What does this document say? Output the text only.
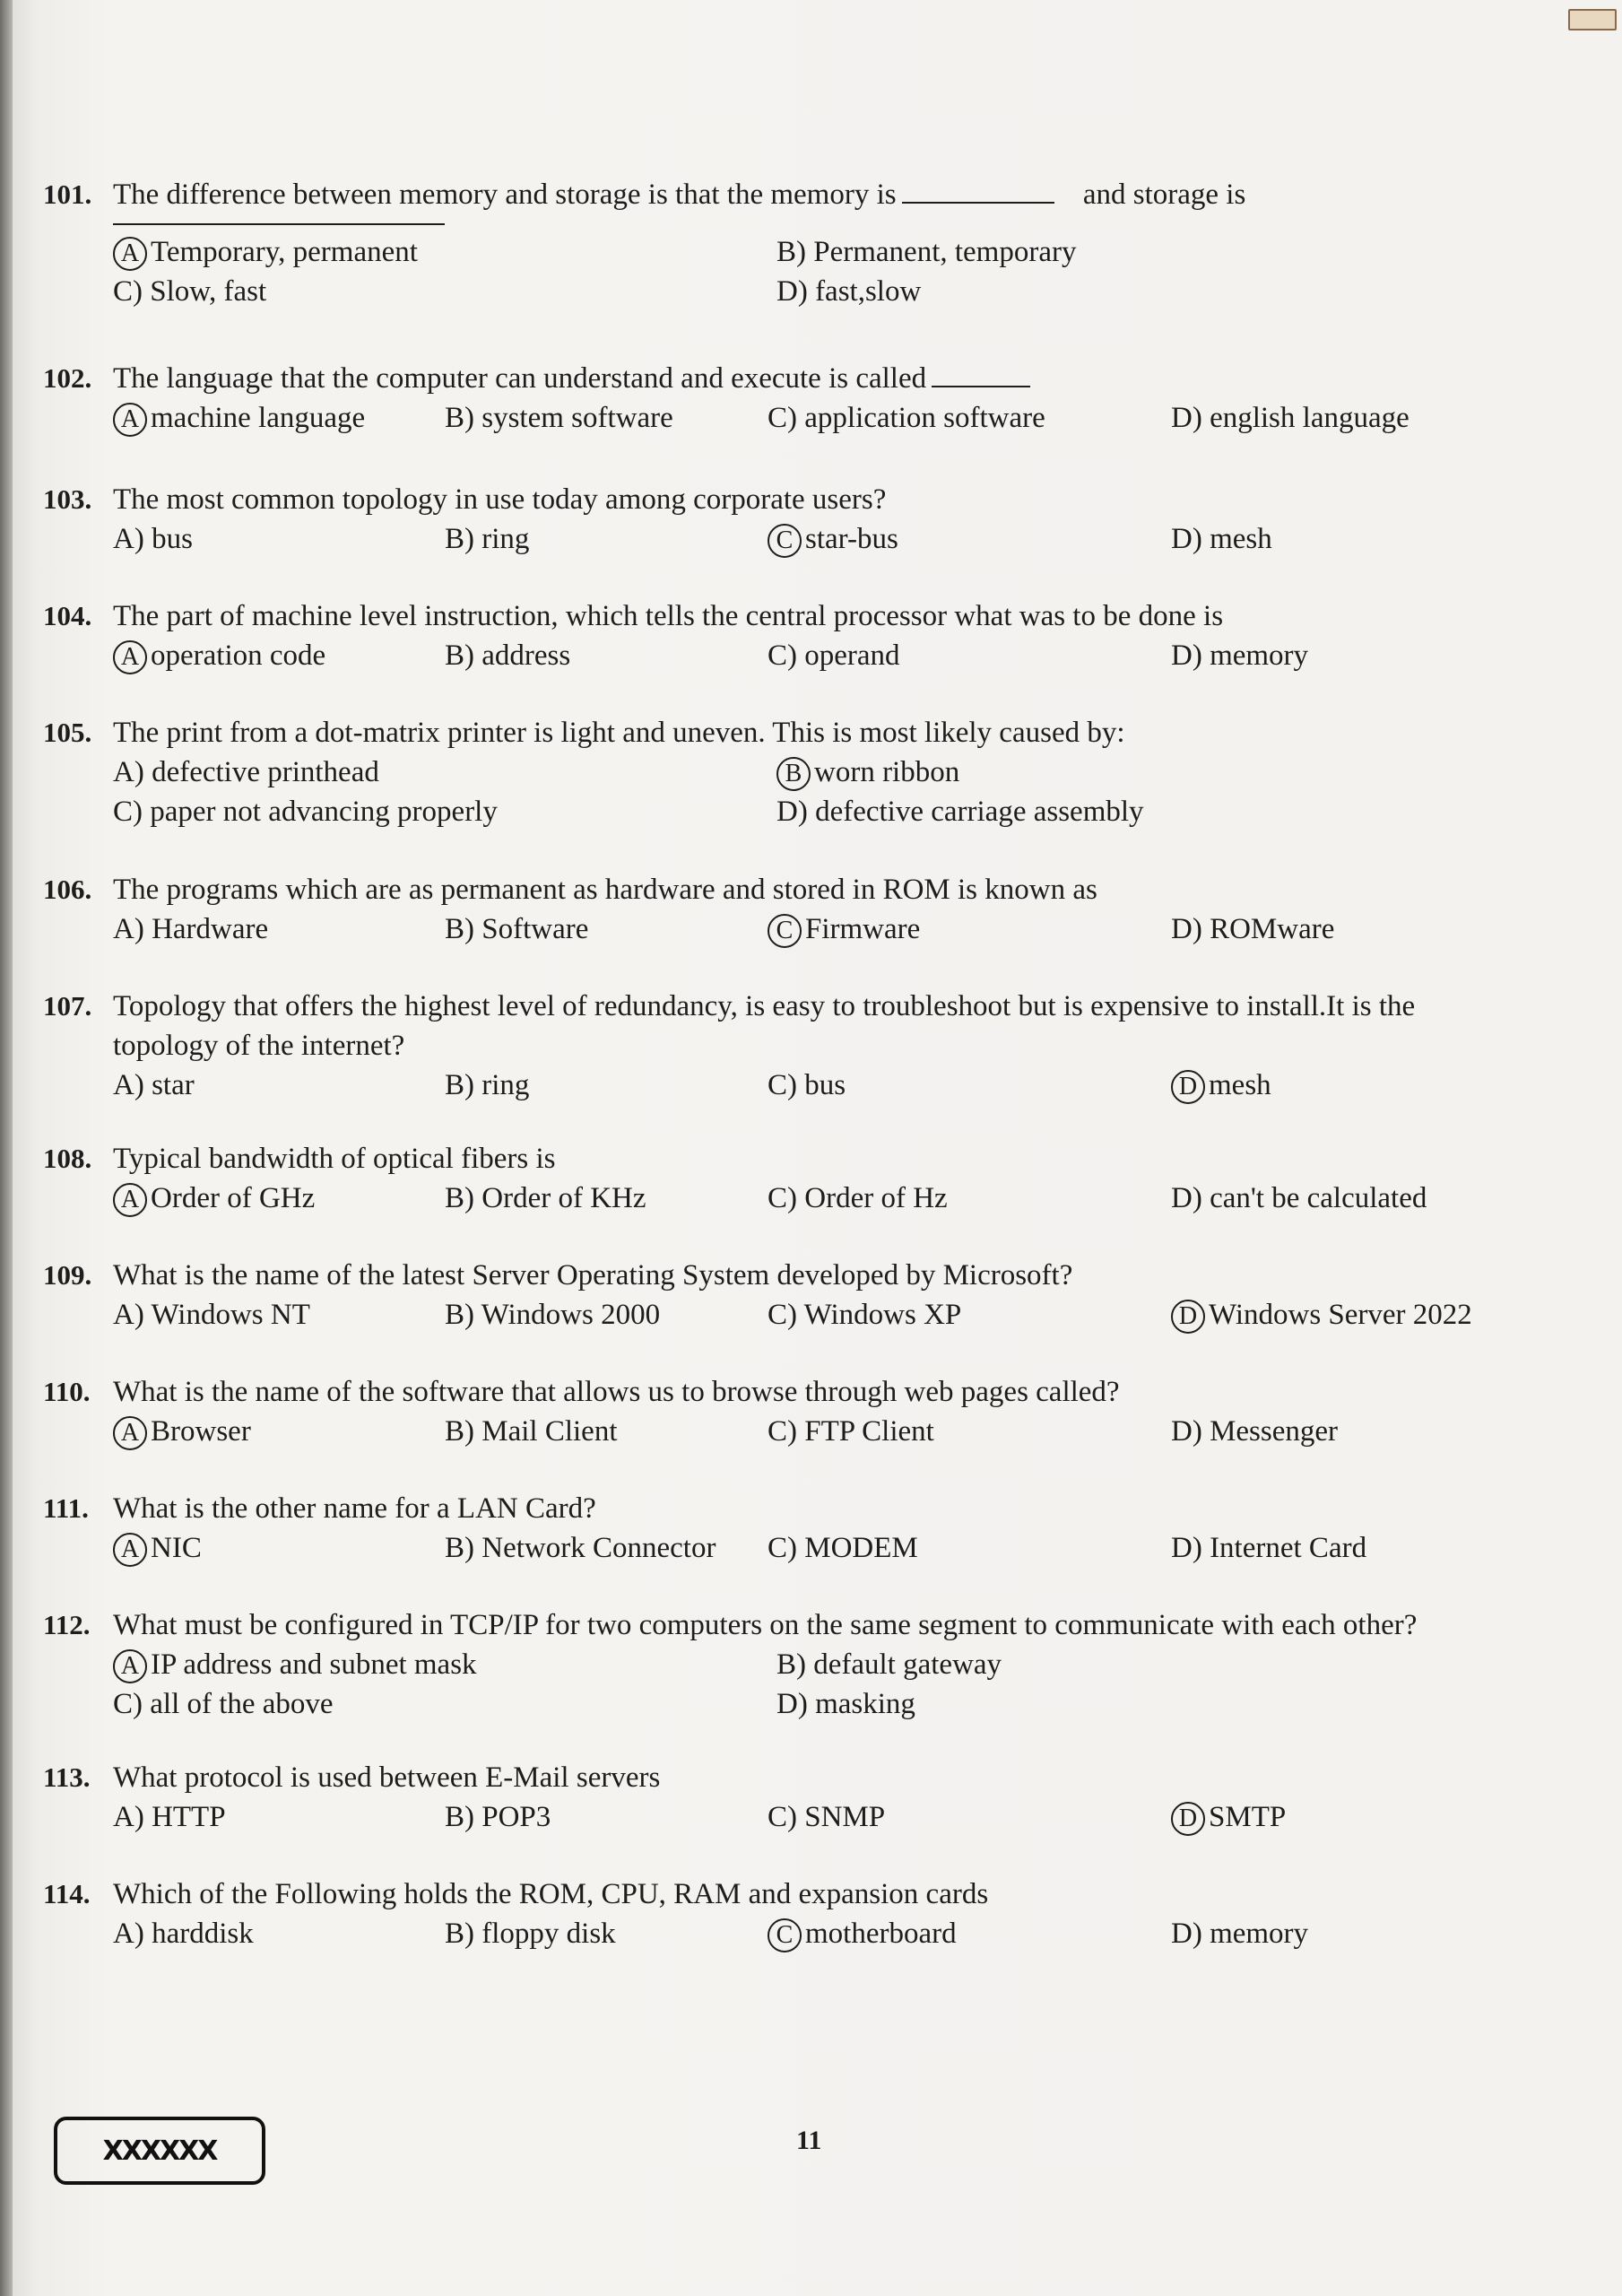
101. The difference between memory and storage is that the memory is	and storage is
A Temporary, permanent	B) Permanent, temporary
C) Slow, fast	D) fast,slow
102. The language that the computer can understand and execute is called
A machine language	B) system software	C) application software	D) english language
103. The most common topology in use today among corporate users?
A) bus	B) ring	C star-bus	D) mesh
104. The part of machine level instruction, which tells the central processor what was to be done is
A operation code	B) address	C) operand	D) memory
105. The print from a dot-matrix printer is light and uneven. This is most likely caused by:
A) defective printhead	B worn ribbon
C) paper not advancing properly	D) defective carriage assembly
106. The programs which are as permanent as hardware and stored in ROM is known as
A) Hardware	B) Software	C Firmware	D) ROMware
107. Topology that offers the highest level of redundancy, is easy to troubleshoot but is expensive to install.It is the
topology of the internet?
A) star	B) ring	C) bus	D mesh
108. Typical bandwidth of optical fibers is
A Order of GHz	B) Order of KHz	C) Order of Hz	D) can't be calculated
109. What is the name of the latest Server Operating System developed by Microsoft?
A) Windows NT	B) Windows 2000	C) Windows XP	D Windows Server 2022
110. What is the name of the software that allows us to browse through web pages called?
A Browser	B) Mail Client	C) FTP Client	D) Messenger
111. What is the other name for a LAN Card?
A NIC	B) Network Connector C) MODEM	D) Internet Card
112. What must be configured in TCP/IP for two computers on the same segment to communicate with each other?
A IP address and subnet mask	B) default gateway
C) all of the above	D) masking
113. What protocol is used between E-Mail servers
A) HTTP	B) POP3	C) SNMP	D SMTP
114. Which of the Following holds the ROM, CPU, RAM and expansion cards
A) harddisk	B) floppy disk	C motherboard	D) memory
XXXXXX	11
